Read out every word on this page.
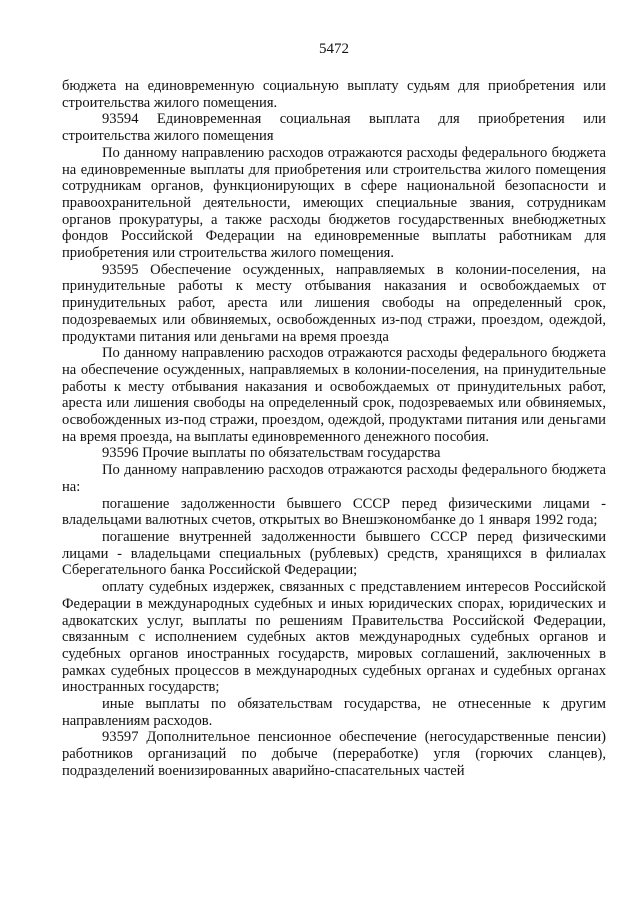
5472

бюджета на единовременную социальную выплату судьям для приобретения или строительства жилого помещения.

93594 Единовременная социальная выплата для приобретения или строительства жилого помещения

По данному направлению расходов отражаются расходы федерального бюджета на единовременные выплаты для приобретения или строительства жилого помещения сотрудникам органов, функционирующих в сфере национальной безопасности и правоохранительной деятельности, имеющих специальные звания, сотрудникам органов прокуратуры, а также расходы бюджетов государственных внебюджетных фондов Российской Федерации на единовременные выплаты работникам для приобретения или строительства жилого помещения.

93595 Обеспечение осужденных, направляемых в колонии-поселения, на принудительные работы к месту отбывания наказания и освобождаемых от принудительных работ, ареста или лишения свободы на определенный срок, подозреваемых или обвиняемых, освобожденных из-под стражи, проездом, одеждой, продуктами питания или деньгами на время проезда

По данному направлению расходов отражаются расходы федерального бюджета на обеспечение осужденных, направляемых в колонии-поселения, на принудительные работы к месту отбывания наказания и освобождаемых от принудительных работ, ареста или лишения свободы на определенный срок, подозреваемых или обвиняемых, освобожденных из-под стражи, проездом, одеждой, продуктами питания или деньгами на время проезда, на выплаты единовременного денежного пособия.

93596 Прочие выплаты по обязательствам государства

По данному направлению расходов отражаются расходы федерального бюджета на:

погашение задолженности бывшего СССР перед физическими лицами - владельцами валютных счетов, открытых во Внешэкономбанке до 1 января 1992 года;

погашение внутренней задолженности бывшего СССР перед физическими лицами - владельцами специальных (рублевых) средств, хранящихся в филиалах Сберегательного банка Российской Федерации;

оплату судебных издержек, связанных с представлением интересов Российской Федерации в международных судебных и иных юридических спорах, юридических и адвокатских услуг, выплаты по решениям Правительства Российской Федерации, связанным с исполнением судебных актов международных судебных органов и судебных органов иностранных государств, мировых соглашений, заключенных в рамках судебных процессов в международных судебных органах и судебных органах иностранных государств;

иные выплаты по обязательствам государства, не отнесенные к другим направлениям расходов.

93597 Дополнительное пенсионное обеспечение (негосударственные пенсии) работников организаций по добыче (переработке) угля (горючих сланцев), подразделений военизированных аварийно-спасательных частей
